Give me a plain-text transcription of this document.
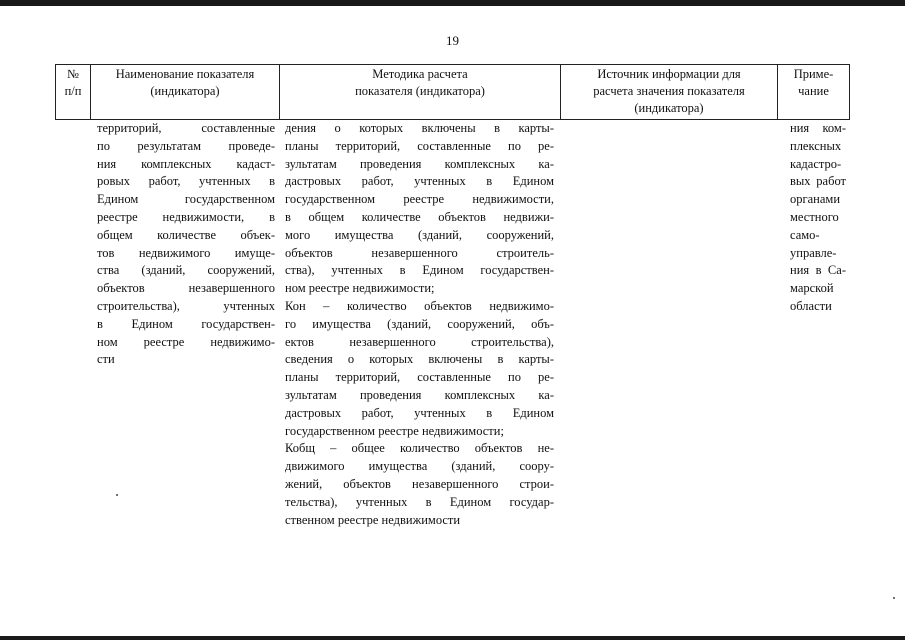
19
№
п/п
Наименование показателя
(индикатора)
Методика расчета
показателя (индикатора)
Источник информации для
расчета значения показателя
(индикатора)
Приме-
чание
территорий, составленные
по результатам проведе-
ния комплексных кадаст-
ровых работ, учтенных в
Едином государственном
реестре недвижимости, в
общем количестве объек-
тов недвижимого имуще-
ства (зданий, сооружений,
объектов незавершенного
строительства), учтенных
в Едином государствен-
ном реестре недвижимо-
сти
дения о которых включены в карты-
планы территорий, составленные по ре-
зультатам проведения комплексных ка-
дастровых работ, учтенных в Едином
государственном реестре недвижимости,
в общем количестве объектов недвижи-
мого имущества (зданий, сооружений,
объектов незавершенного строитель-
ства), учтенных в Едином государствен-
ном реестре недвижимости;
Кон – количество объектов недвижимо-
го имущества (зданий, сооружений, объ-
ектов незавершенного строительства),
сведения о которых включены в карты-
планы территорий, составленные по ре-
зультатам проведения комплексных ка-
дастровых работ, учтенных в Едином
государственном реестре недвижимости;
Кобщ – общее количество объектов не-
движимого имущества (зданий, соору-
жений, объектов незавершенного строи-
тельства), учтенных в Едином государ-
ственном реестре недвижимости
ния ком-
плексных
кадастро-
вых работ
органами
местного
само-
управле-
ния в Са-
марской
области
